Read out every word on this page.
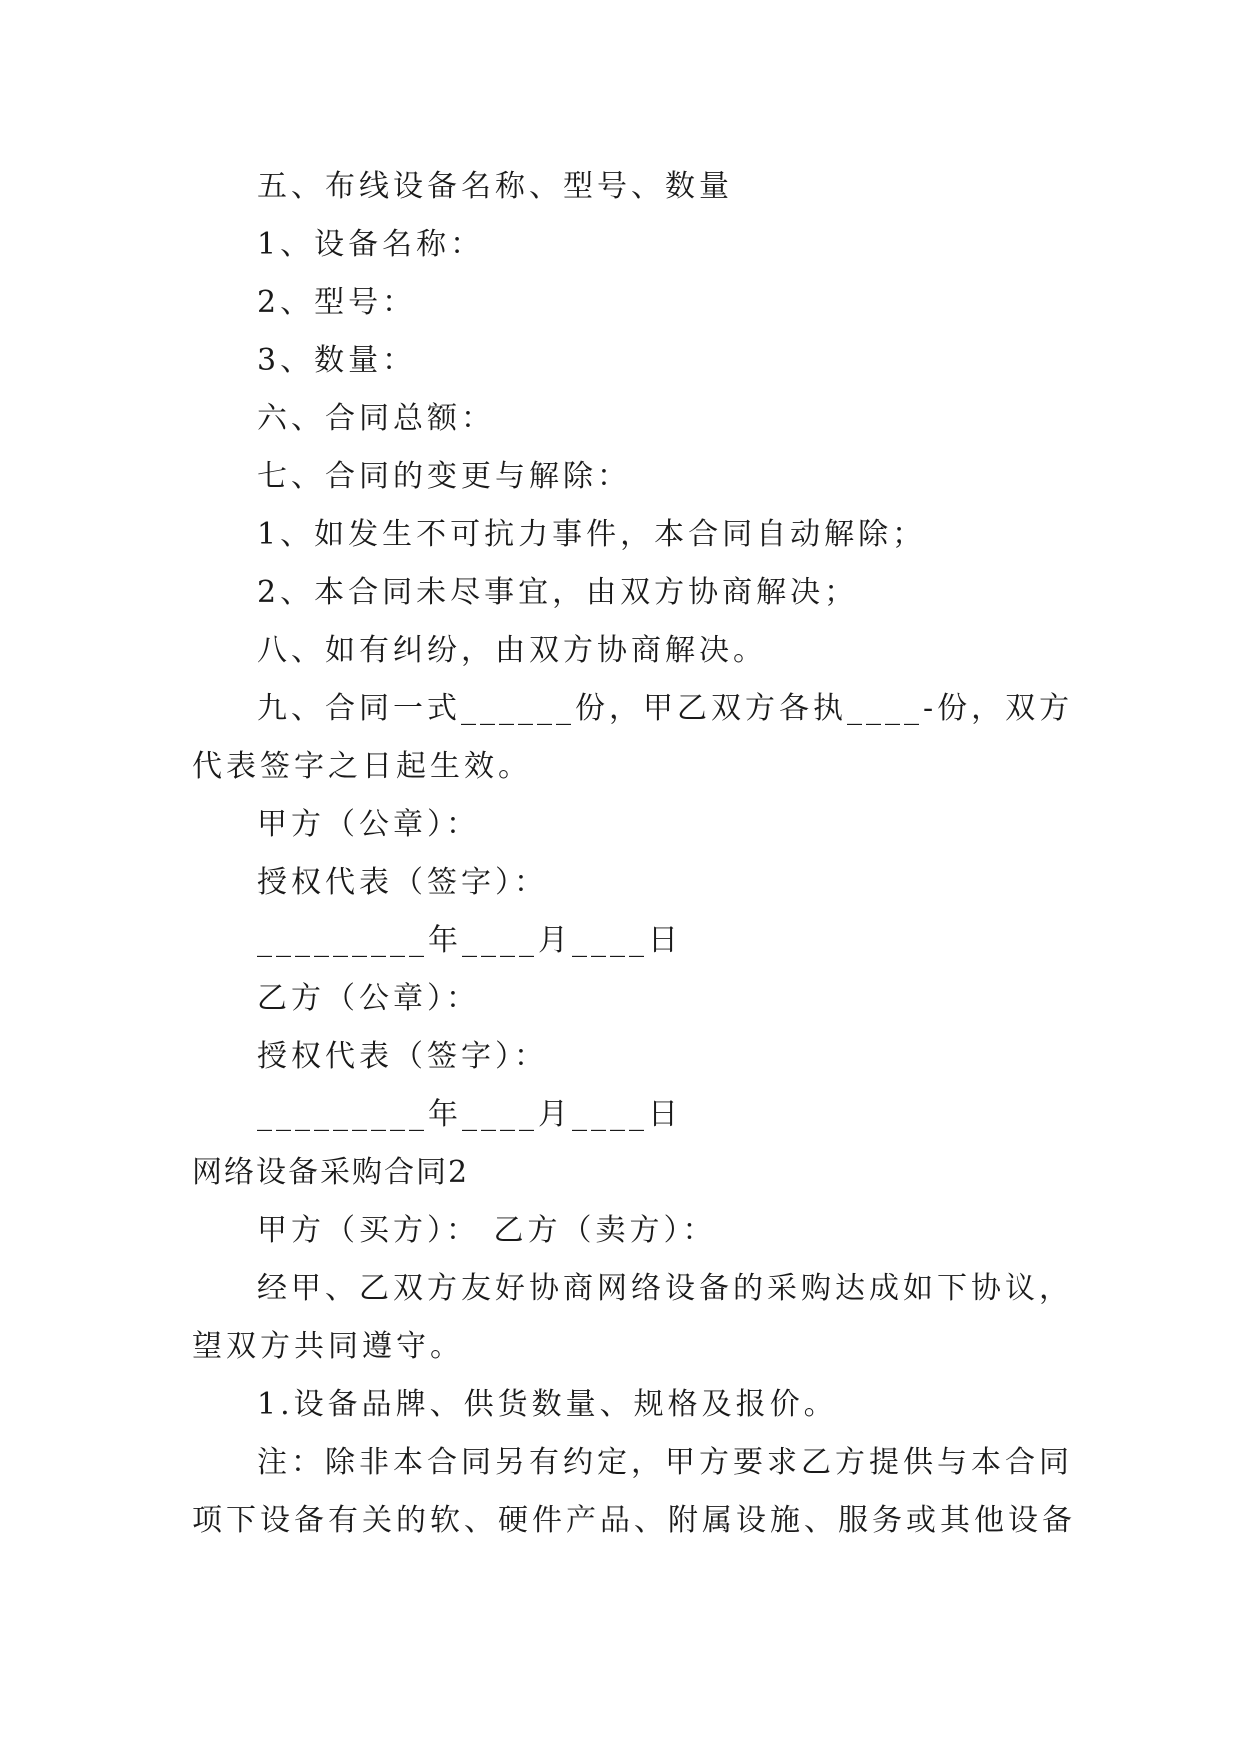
五、布线设备名称、型号、数量
1、设备名称：
2、型号：
3、数量：
六、合同总额：
七、合同的变更与解除：
1、如发生不可抗力事件，本合同自动解除；
2、本合同未尽事宜，由双方协商解决；
八、如有纠纷，由双方协商解决。
九、合同一式______份，甲乙双方各执____-份，双方
代表签字之日起生效。
甲方（公章）：
授权代表（签字）：
_________年____月____日
乙方（公章）：
授权代表（签字）：
_________年____月____日
网络设备采购合同2
甲方（买方）： 乙方（卖方）：
经甲、乙双方友好协商网络设备的采购达成如下协议，
望双方共同遵守。
1.设备品牌、供货数量、规格及报价。
注：除非本合同另有约定，甲方要求乙方提供与本合同
项下设备有关的软、硬件产品、附属设施、服务或其他设备
